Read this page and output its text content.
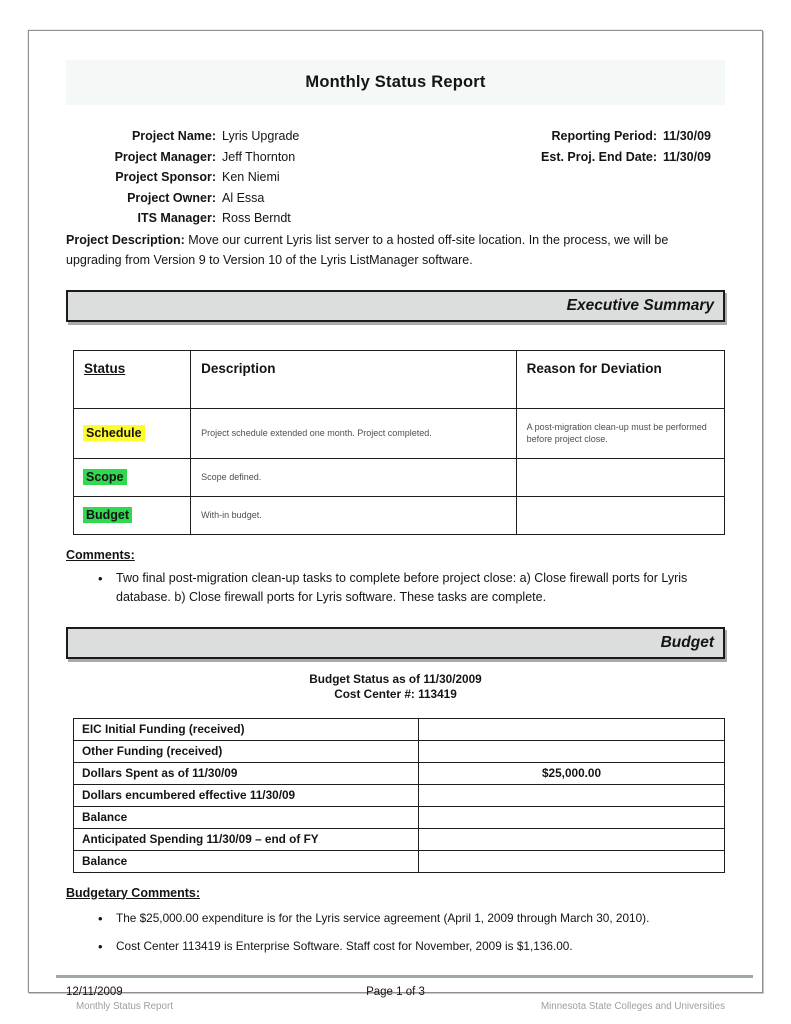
Monthly Status Report
Project Name: Lyris Upgrade
Project Manager: Jeff Thornton
Project Sponsor: Ken Niemi
Project Owner: Al Essa
ITS Manager: Ross Berndt
Reporting Period: 11/30/09
Est. Proj. End Date: 11/30/09
Project Description: Move our current Lyris list server to a hosted off-site location. In the process, we will be upgrading from Version 9 to Version 10 of the Lyris ListManager software.
Executive Summary
Status	Description	Reason for Deviation
Schedule	Project schedule extended one month. Project completed.	A post-migration clean-up must be performed before project close.
Scope	Scope defined.	
Budget	With-in budget.	
Comments:
• Two final post-migration clean-up tasks to complete before project close: a) Close firewall ports for Lyris database. b) Close firewall ports for Lyris software. These tasks are complete.
Budget
Budget Status as of 11/30/2009
Cost Center #: 113419
EIC Initial Funding (received)	
Other Funding (received)	
Dollars Spent as of 11/30/09	$25,000.00
Dollars encumbered effective 11/30/09	
Balance	
Anticipated Spending 11/30/09 – end of FY	
Balance	
Budgetary Comments:
• The $25,000.00 expenditure is for the Lyris service agreement (April 1, 2009 through March 30, 2010).
• Cost Center 113419 is Enterprise Software. Staff cost for November, 2009 is $1,136.00.
12/11/2009	Page 1 of 3
Monthly Status Report	Minnesota State Colleges and Universities
